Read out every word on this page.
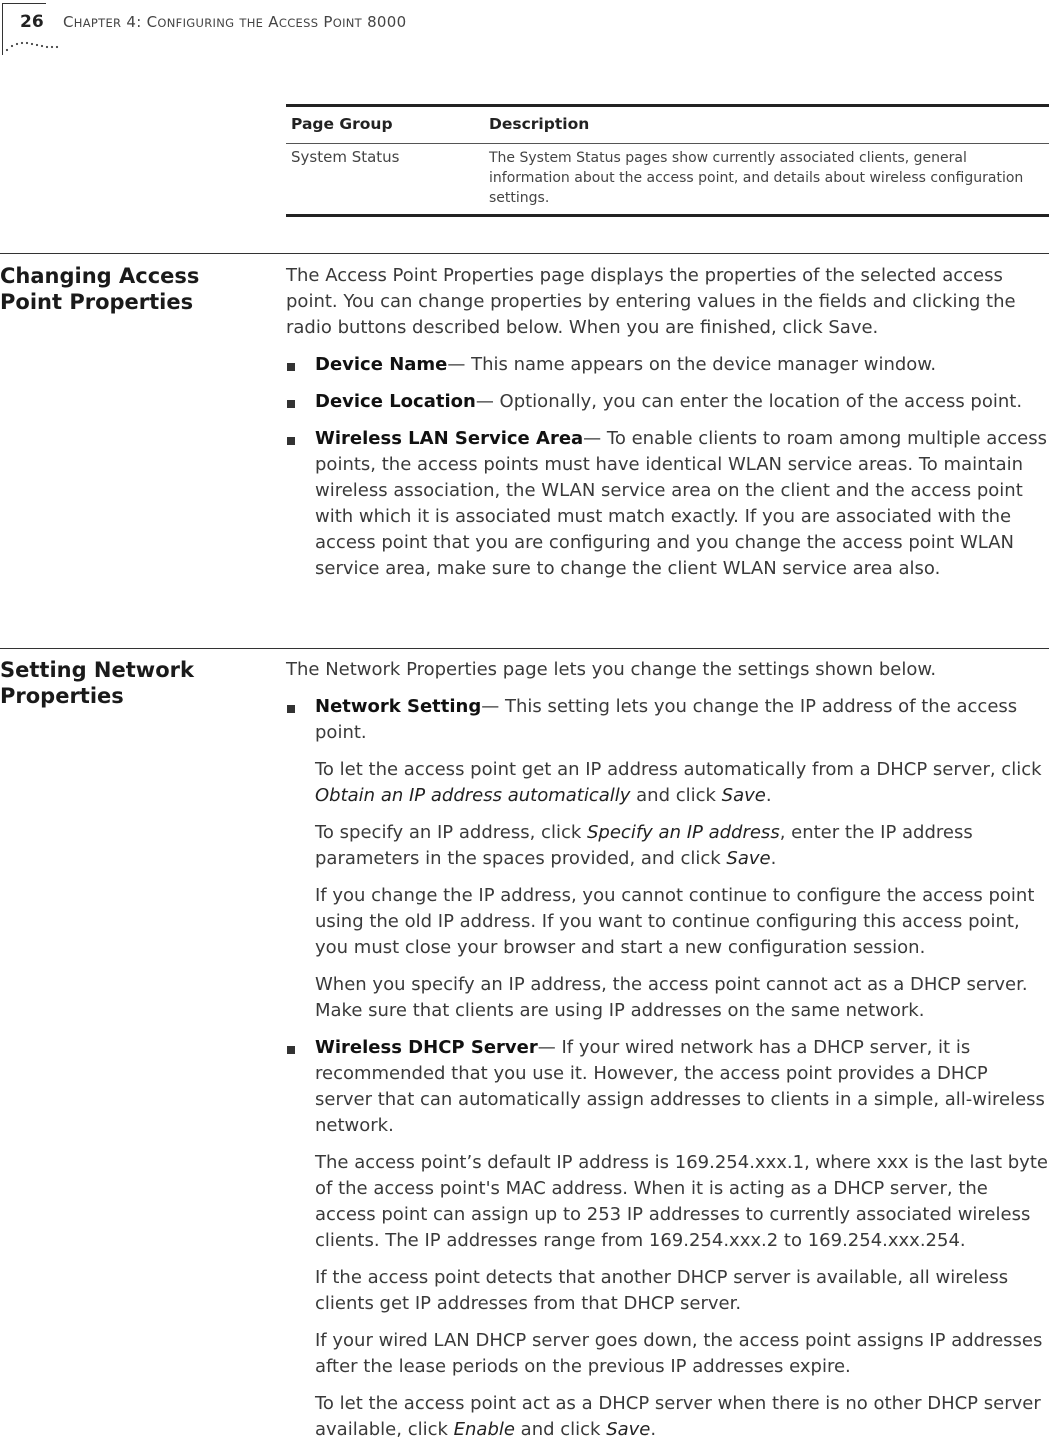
26 CHAPTER 4: CONFIGURING THE ACCESS POINT 8000
Page Group	Description
System Status	The System Status pages show currently associated clients, general information about the access point, and details about wireless configuration settings.
Changing Access Point Properties

The Access Point Properties page displays the properties of the selected access point. You can change properties by entering values in the ﬁelds and clicking the radio buttons described below. When you are ﬁnished, click Save.

Device Name— This name appears on the device manager window.
Device Location— Optionally, you can enter the location of the access point.
Wireless LAN Service Area— To enable clients to roam among multiple access points, the access points must have identical WLAN service areas. To maintain wireless association, the WLAN service area on the client and the access point with which it is associated must match exactly. If you are associated with the access point that you are conﬁguring and you change the access point WLAN service area, make sure to change the client WLAN service area also.
Setting Network Properties

The Network Properties page lets you change the settings shown below.

Network Setting— This setting lets you change the IP address of the access point.

To let the access point get an IP address automatically from a DHCP server, click Obtain an IP address automatically and click Save.

To specify an IP address, click Specify an IP address, enter the IP address parameters in the spaces provided, and click Save.

If you change the IP address, you cannot continue to conﬁgure the access point using the old IP address. If you want to continue conﬁguring this access point, you must close your browser and start a new conﬁguration session.

When you specify an IP address, the access point cannot act as a DHCP server. Make sure that clients are using IP addresses on the same network.

Wireless DHCP Server— If your wired network has a DHCP server, it is recommended that you use it. However, the access point provides a DHCP server that can automatically assign addresses to clients in a simple, all-wireless network.

The access point’s default IP address is 169.254.xxx.1, where xxx is the last byte of the access point's MAC address. When it is acting as a DHCP server, the access point can assign up to 253 IP addresses to currently associated wireless clients. The IP addresses range from 169.254.xxx.2 to 169.254.xxx.254.

If the access point detects that another DHCP server is available, all wireless clients get IP addresses from that DHCP server.

If your wired LAN DHCP server goes down, the access point assigns IP addresses after the lease periods on the previous IP addresses expire.

To let the access point act as a DHCP server when there is no other DHCP server available, click Enable and click Save.
